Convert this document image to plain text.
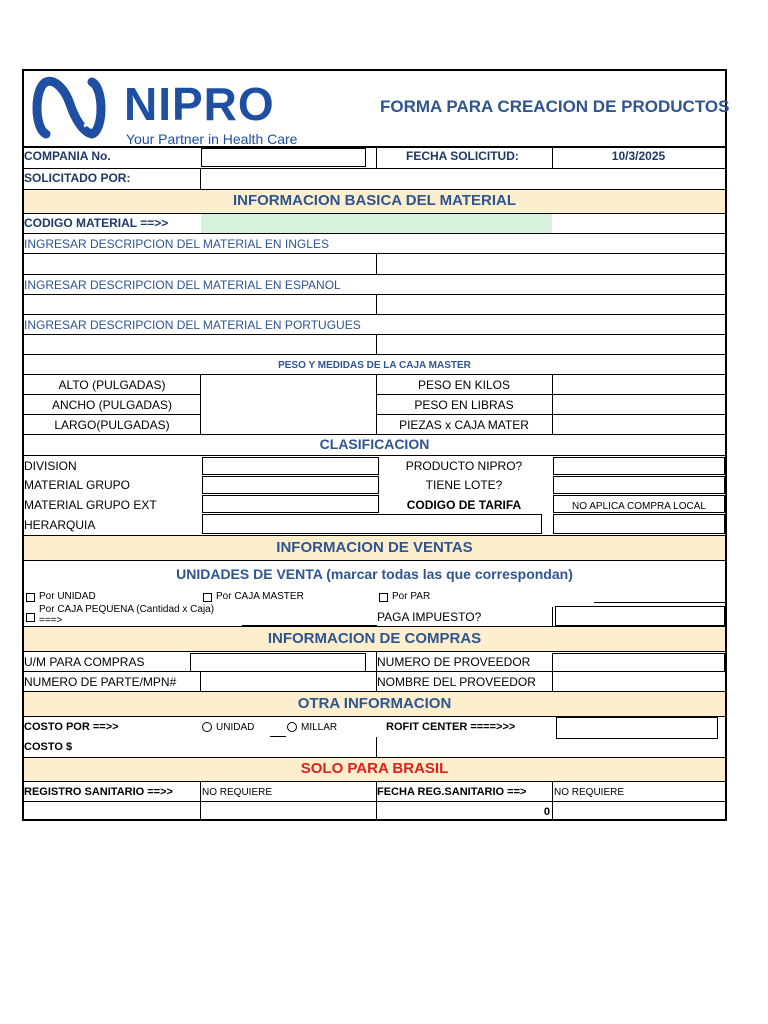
NIPRO
Your Partner in Health Care
FORMA PARA CREACION DE PRODUCTOS
COMPANIA No.	FECHA SOLICITUD:	10/3/2025
SOLICITADO POR:
INFORMACION BASICA DEL MATERIAL
CODIGO MATERIAL ==>>
INGRESAR DESCRIPCION DEL MATERIAL EN INGLES
INGRESAR DESCRIPCION DEL MATERIAL EN ESPANOL
INGRESAR DESCRIPCION DEL MATERIAL EN PORTUGUES
PESO Y MEDIDAS DE LA CAJA MASTER
ALTO (PULGADAS)	PESO EN KILOS
ANCHO (PULGADAS)	PESO EN LIBRAS
LARGO(PULGADAS)	PIEZAS x CAJA MATER
CLASIFICACION
DIVISION	PRODUCTO NIPRO?
MATERIAL GRUPO	TIENE LOTE?
MATERIAL GRUPO EXT	CODIGO DE TARIFA	NO APLICA COMPRA LOCAL
HERARQUIA
INFORMACION DE VENTAS
UNIDADES DE VENTA (marcar todas las que correspondan)
Por UNIDAD	Por CAJA MASTER	Por PAR
Por CAJA PEQUENA (Cantidad x Caja)
===>	PAGA IMPUESTO?
INFORMACION DE COMPRAS
U/M PARA COMPRAS	NUMERO DE PROVEEDOR
NUMERO DE PARTE/MPN#	NOMBRE DEL PROVEEDOR
OTRA INFORMACION
COSTO POR ==>>	UNIDAD	MILLAR	ROFIT CENTER ====>>>
COSTO $
SOLO PARA BRASIL
REGISTRO SANITARIO ==>>	NO REQUIERE	FECHA REG.SANITARIO ==>	NO REQUIERE
0
